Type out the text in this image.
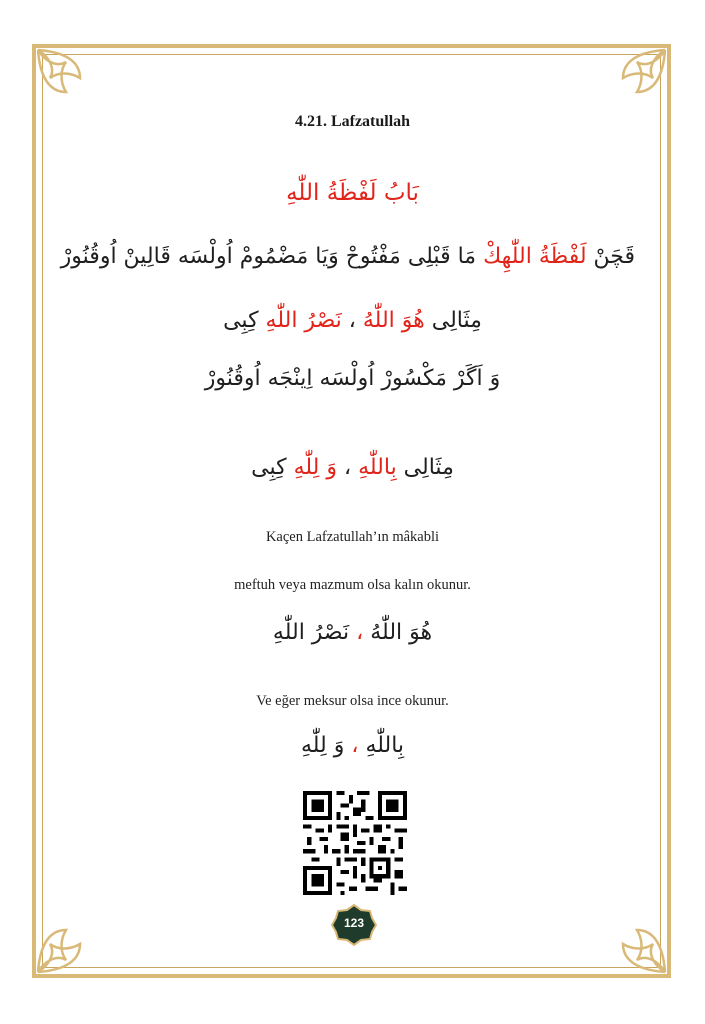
4.21. Lafzatullah
بَابُ لَفْظَةُ اللّٰهِ
قَچَنْ لَفْظَةُ اللّٰهِكْ مَا قَبْلِى مَفْتُوحْ وَيَا مَضْمُومْ اُولْسَه قَالِينْ اُوقُنُورْ
مِثَالِى هُوَ اللّٰهُ ، نَصْرُ اللّٰهِ كِبِى
وَ اَگَرْ مَكْسُورْ اُولْسَه اِينْجَه اُوقُنُورْ
مِثَالِى بِاللّٰهِ ، وَ لِلّٰهِ كِبِى
Kaçen Lafzatullah’ın mâkabli
meftuh veya mazmum olsa kalın okunur.
هُوَ اللّٰهُ ، نَصْرُ اللّٰهِ
Ve eğer meksur olsa ince okunur.
بِاللّٰهِ ، وَ لِلّٰهِ
123
